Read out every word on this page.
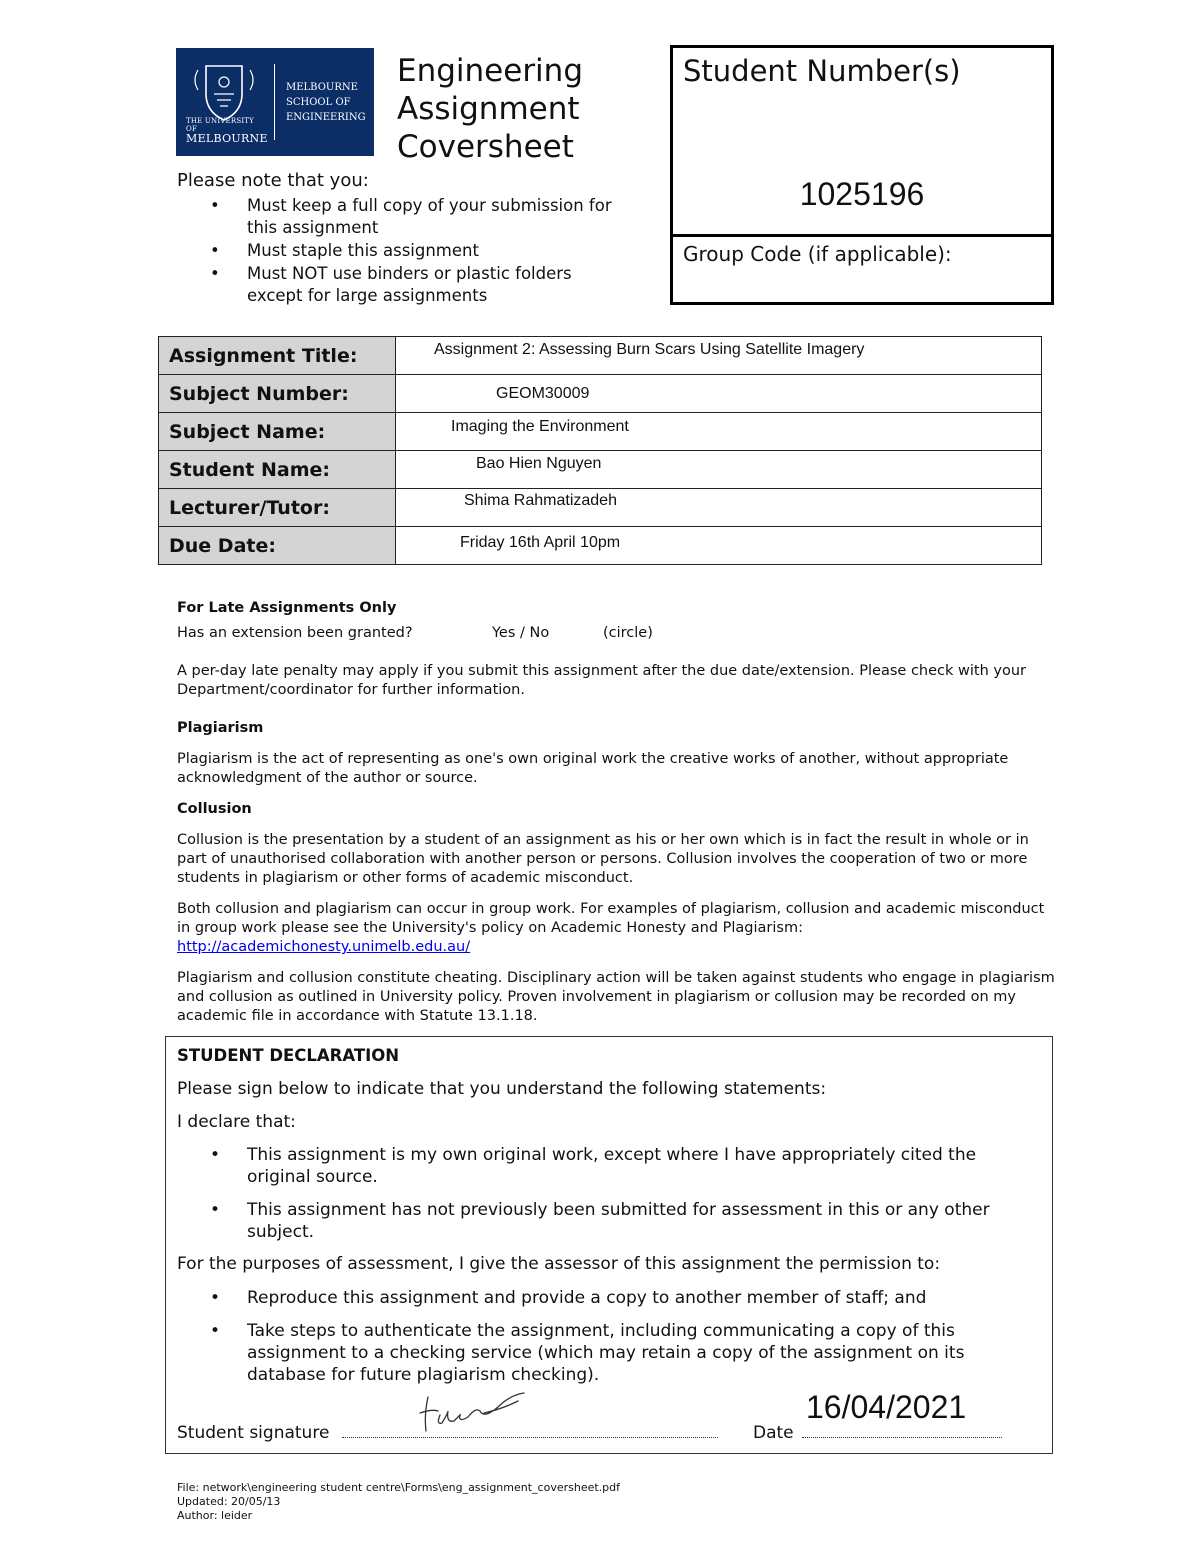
THE UNIVERSITY OF
MELBOURNE
MELBOURNE
SCHOOL OF
ENGINEERING
Engineering
Assignment
Coversheet
Please note that you:
• Must keep a full copy of your submission for this assignment
• Must staple this assignment
• Must NOT use binders or plastic folders except for large assignments
Student Number(s)
1025196
Group Code (if applicable):
Assignment Title:	Assignment 2: Assessing Burn Scars Using Satellite Imagery

Subject Number:	GEOM30009

Subject Name:	Imaging the Environment

Student Name:	Bao Hien Nguyen

Lecturer/Tutor:	Shima Rahmatizadeh

Due Date:	Friday 16th April 10pm
For Late Assignments Only
Has an extension been granted?	Yes / No	(circle)
A per-day late penalty may apply if you submit this assignment after the due date/extension. Please check with your Department/coordinator for further information.
Plagiarism
Plagiarism is the act of representing as one's own original work the creative works of another, without appropriate acknowledgment of the author or source.
Collusion
Collusion is the presentation by a student of an assignment as his or her own which is in fact the result in whole or in part of unauthorised collaboration with another person or persons. Collusion involves the cooperation of two or more students in plagiarism or other forms of academic misconduct.
Both collusion and plagiarism can occur in group work. For examples of plagiarism, collusion and academic misconduct in group work please see the University's policy on Academic Honesty and Plagiarism:
http://academichonesty.unimelb.edu.au/
Plagiarism and collusion constitute cheating. Disciplinary action will be taken against students who engage in plagiarism and collusion as outlined in University policy. Proven involvement in plagiarism or collusion may be recorded on my academic file in accordance with Statute 13.1.18.
STUDENT DECLARATION
Please sign below to indicate that you understand the following statements:
I declare that:
•	This assignment is my own original work, except where I have appropriately cited the original source.
•	This assignment has not previously been submitted for assessment in this or any other subject.
For the purposes of assessment, I give the assessor of this assignment the permission to:
•	Reproduce this assignment and provide a copy to another member of staff; and
•	Take steps to authenticate the assignment, including communicating a copy of this assignment to a checking service (which may retain a copy of the assignment on its database for future plagiarism checking).
Student signature	Date
16/04/2021
File: network\engineering student centre\Forms\eng_assignment_coversheet.pdf
Updated: 20/05/13
Author: leider
